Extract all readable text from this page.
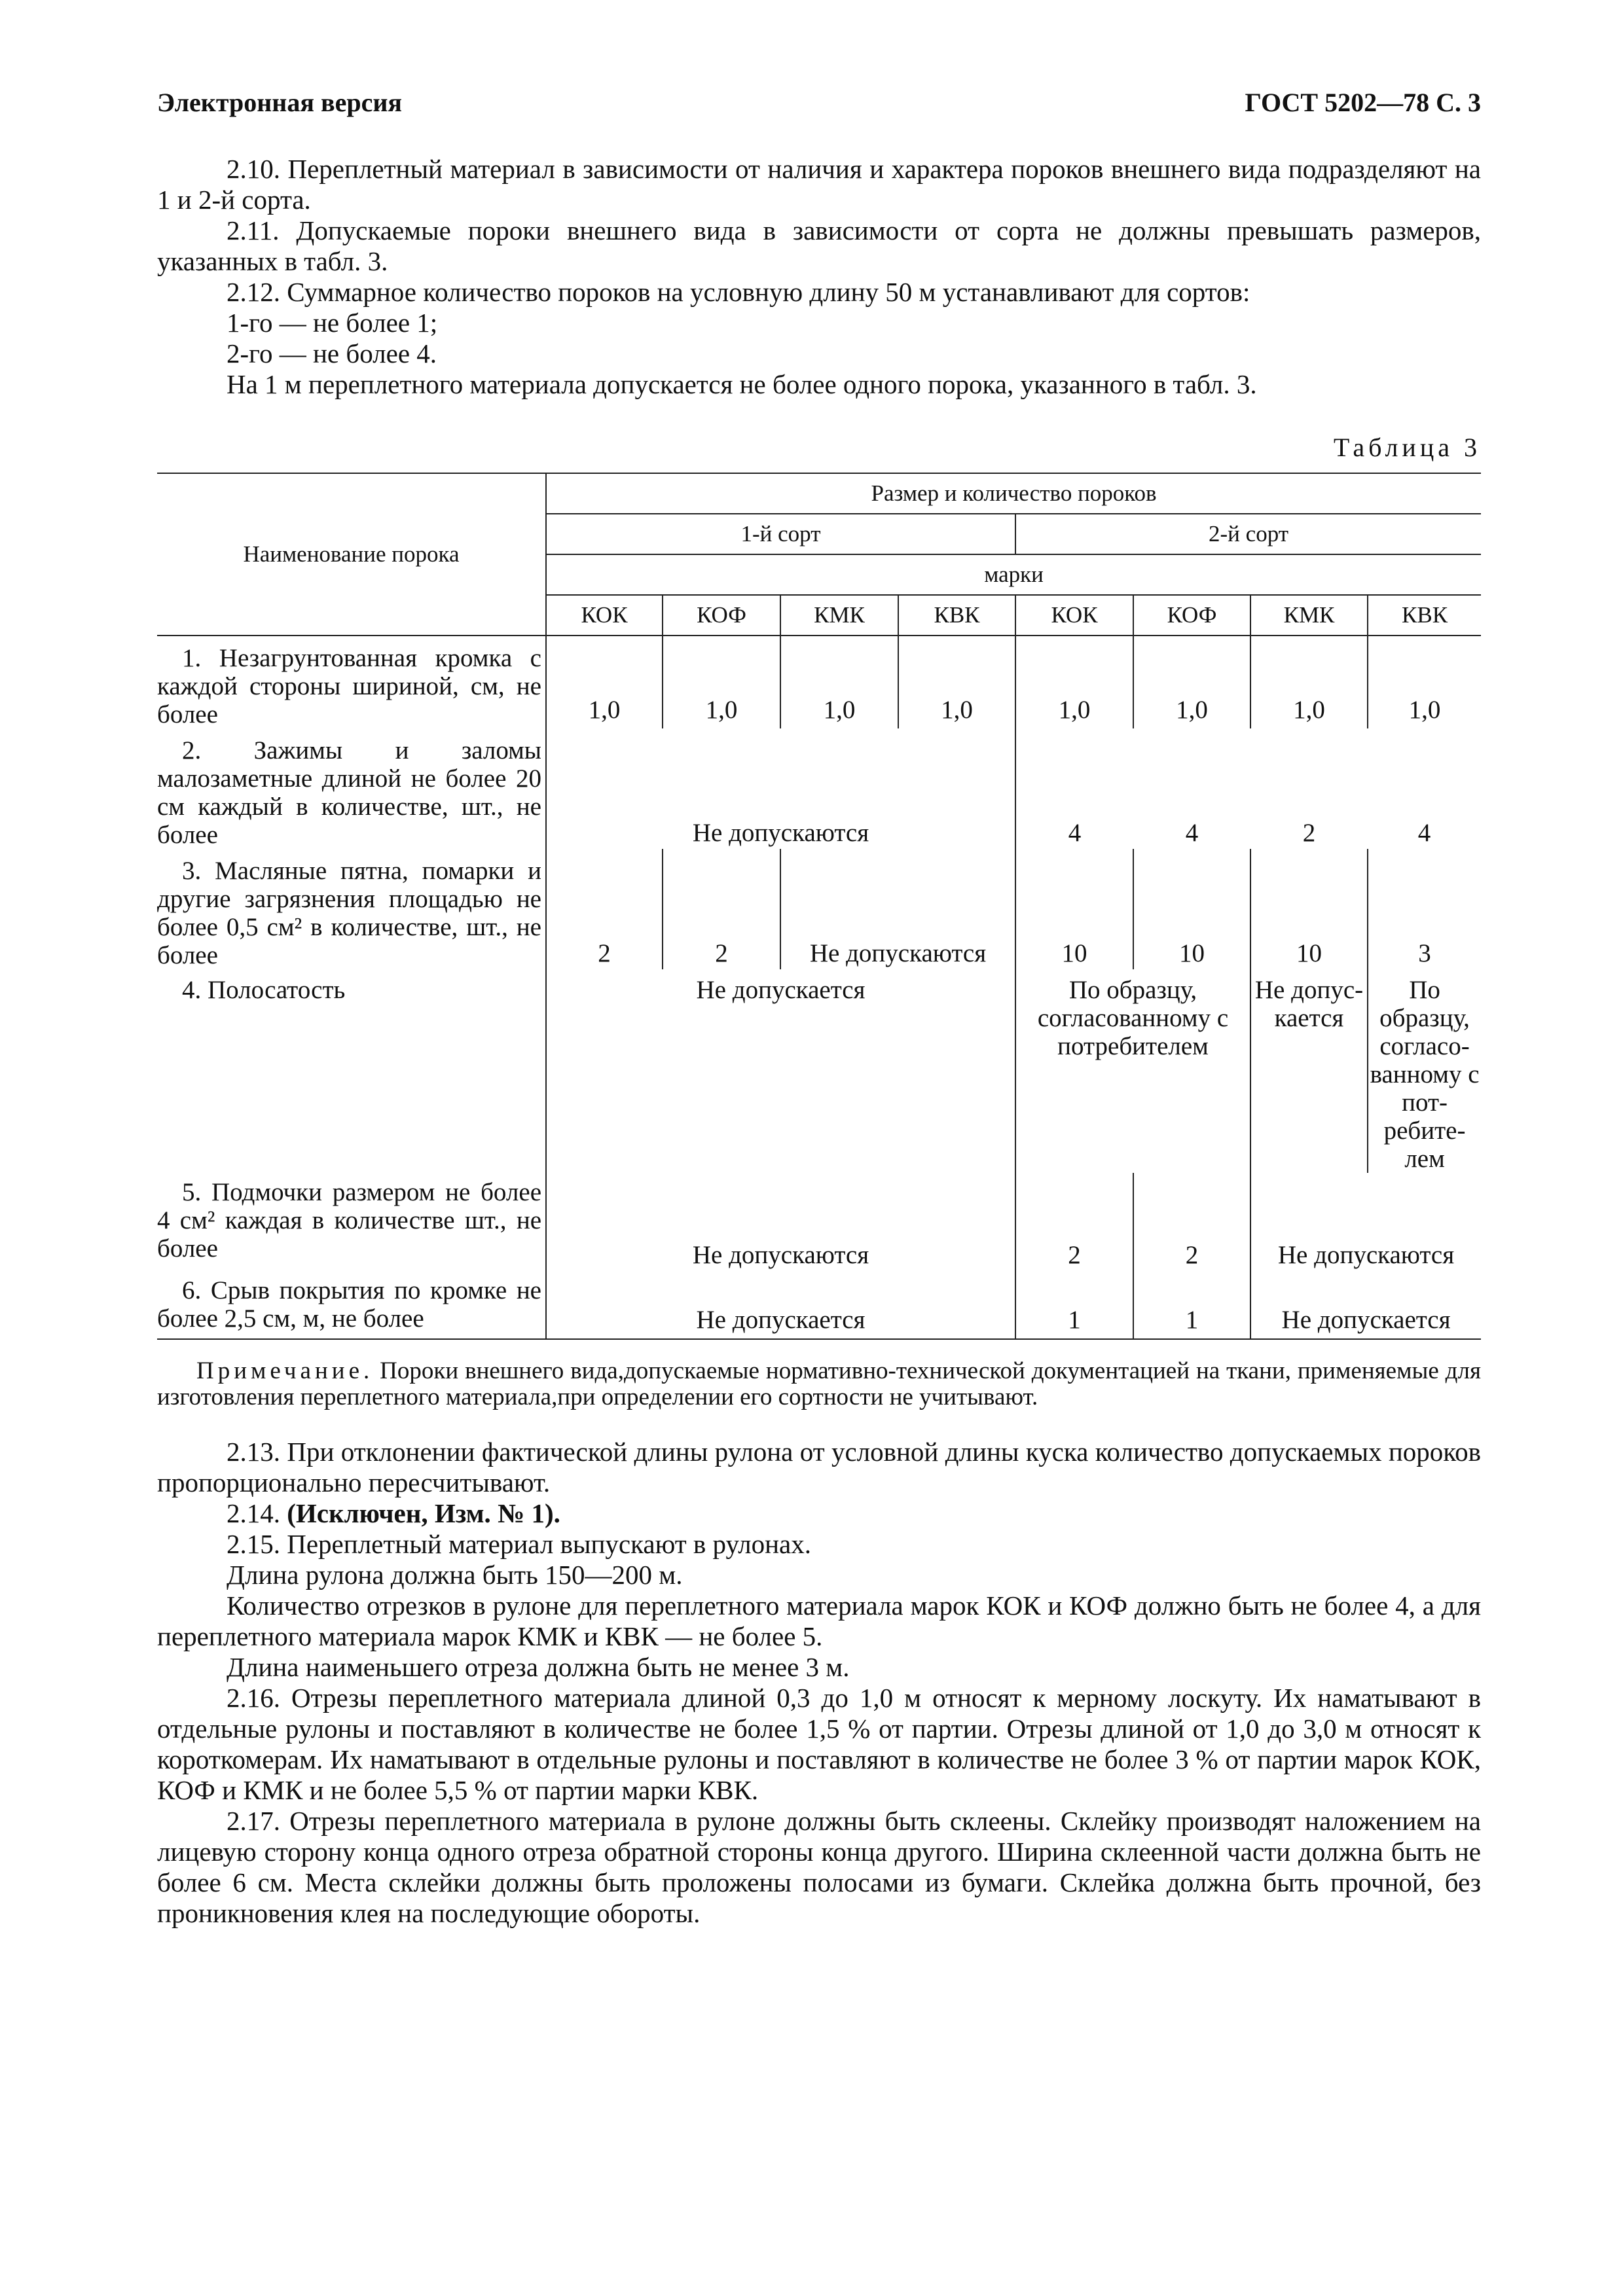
Электронная версия	ГОСТ 5202—78 С. 3

2.10. Переплетный материал в зависимости от наличия и характера пороков внешнего вида подразделяют на 1 и 2-й сорта.

2.11. Допускаемые пороки внешнего вида в зависимости от сорта не должны превышать размеров, указанных в табл. 3.

2.12. Суммарное количество пороков на условную длину 50 м устанавливают для сортов:

1-го — не более 1;

2-го — не более 4.

На 1 м переплетного материала допускается не более одного порока, указанного в табл. 3.

Таблица 3
Наименование порока	Размер и количество пороков							
	1-й сорт				2-й сорт			
	марки							
	КОК	КОФ	КМК	КВК	КОК	КОФ	КМК	КВК

1. Незагрунтованная кромка с каждой стороны шириной, см, не более	1,0	1,0	1,0	1,0	1,0	1,0	1,0	1,0

2. Зажимы и заломы малозаметные длиной не более 20 см каждый в количестве, шт., не более	Не допускаются				4	4	2	4

3. Масляные пятна, помарки и другие загрязнения площадью не более 0,5 см² в количестве, шт., не более	2	2	Не допускаются		10	10	10	3

4. Полосатость	Не допускается				По образцу, согласованному с потребителем		Не допус-кается	По образцу, согласо-ванному с пот-ребите-лем

5. Подмочки размером не более 4 см² каждая в количестве шт., не более	Не допускаются				2	2	Не допускаются	

6. Срыв покрытия по кромке не более 2,5 см, м, не более	Не допускается				1	1	Не допускается	
Примечание. Пороки внешнего вида,допускаемые нормативно-технической документацией на ткани, применяемые для изготовления переплетного материала,при определении его сортности не учитывают.

2.13. При отклонении фактической длины рулона от условной длины куска количество допускаемых пороков пропорционально пересчитывают.

2.14. (Исключен, Изм. № 1).

2.15. Переплетный материал выпускают в рулонах.

Длина рулона должна быть 150—200 м.

Количество отрезков в рулоне для переплетного материала марок КОК и КОФ должно быть не более 4, а для переплетного материала марок КМК и КВК — не более 5.

Длина наименьшего отреза должна быть не менее 3 м.

2.16. Отрезы переплетного материала длиной 0,3 до 1,0 м относят к мерному лоскуту. Их наматывают в отдельные рулоны и поставляют в количестве не более 1,5 % от партии. Отрезы длиной от 1,0 до 3,0 м относят к короткомерам. Их наматывают в отдельные рулоны и поставляют в количестве не более 3 % от партии марок КОК, КОФ и КМК и не более 5,5 % от партии марки КВК.

2.17. Отрезы переплетного материала в рулоне должны быть склеены. Склейку производят наложением на лицевую сторону конца одного отреза обратной стороны конца другого. Ширина склеенной части должна быть не более 6 см. Места склейки должны быть проложены полосами из бумаги. Склейка должна быть прочной, без проникновения клея на последующие обороты.
